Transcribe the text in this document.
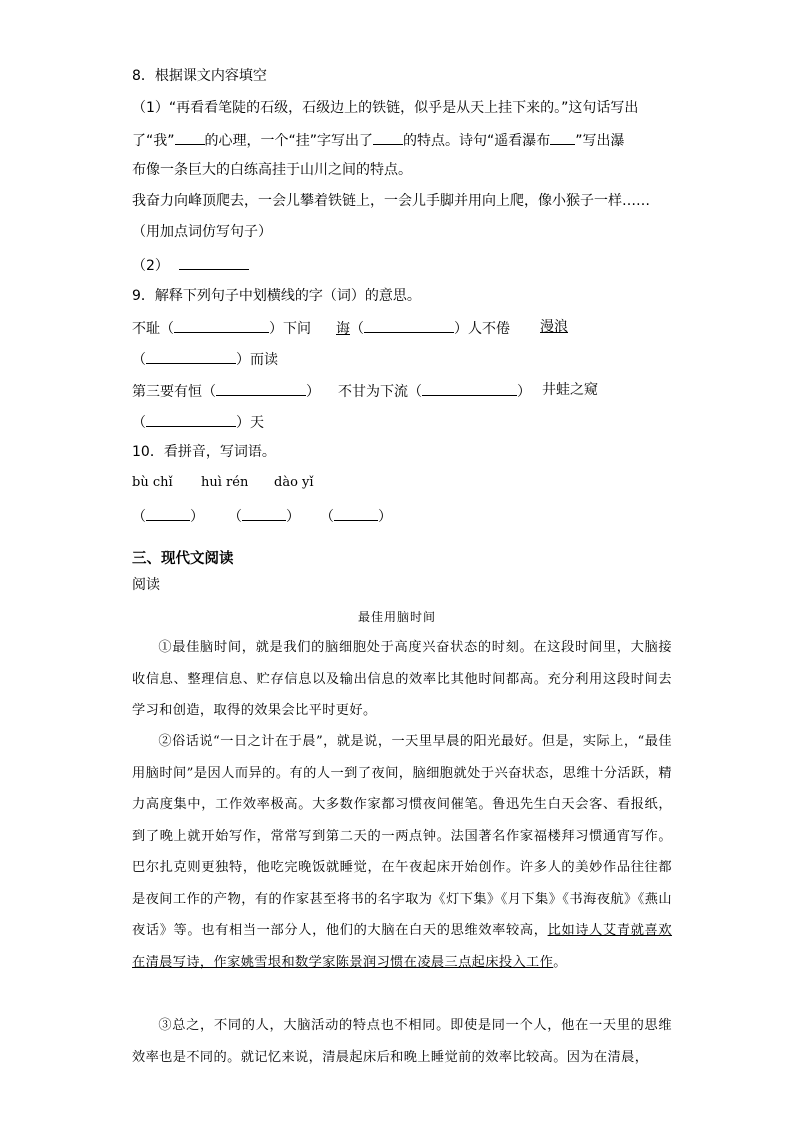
8．根据课文内容填空
（1）“再看看笔陡的石级，石级边上的铁链，似乎是从天上挂下来的。”这句话写出
了“我” 的心理，一个“挂”字写出了 的特点。诗句“遥看瀑布 ”写出瀑
布像一条巨大的白练高挂于山川之间的特点。
我奋力向峰顶爬去，一会儿攀着铁链上，一会儿手脚并用向上爬，像小猴子一样……
（用加点词仿写句子）
（2）
9．解释下列句子中划横线的字（词）的意思。
不耻（	）下问 诲（	）人不倦 漫浪
（	）而读
第三要有恒（	） 不甘为下流（	） 井蛙之窥
（	）天
10．看拼音，写词语。
bù chǐ huì rén dào yǐ
（	） （	） （	）
三、现代文阅读
阅读
最佳用脑时间
①最佳脑时间，就是我们的脑细胞处于高度兴奋状态的时刻。在这段时间里，大脑接收信息、整理信息、贮存信息以及输出信息的效率比其他时间都高。充分利用这段时间去学习和创造，取得的效果会比平时更好。
②俗话说“一日之计在于晨”，就是说，一天里早晨的阳光最好。但是，实际上，“最佳用脑时间”是因人而异的。有的人一到了夜间，脑细胞就处于兴奋状态，思维十分活跃，精力高度集中，工作效率极高。大多数作家都习惯夜间催笔。鲁迅先生白天会客、看报纸，到了晚上就开始写作，常常写到第二天的一两点钟。法国著名作家福楼拜习惯通宵写作。巴尔扎克则更独特，他吃完晚饭就睡觉，在午夜起床开始创作。许多人的美妙作品往往都是夜间工作的产物，有的作家甚至将书的名字取为《灯下集》《月下集》《书海夜航》《燕山夜话》等。也有相当一部分人，他们的大脑在白天的思维效率较高，比如诗人艾青就喜欢在清晨写诗，作家姚雪垠和数学家陈景润习惯在凌晨三点起床投入工作。
③总之，不同的人，大脑活动的特点也不相同。即使是同一个人，他在一天里的思维效率也是不同的。就记忆来说，清晨起床后和晚上睡觉前的效率比较高。因为在清晨，
